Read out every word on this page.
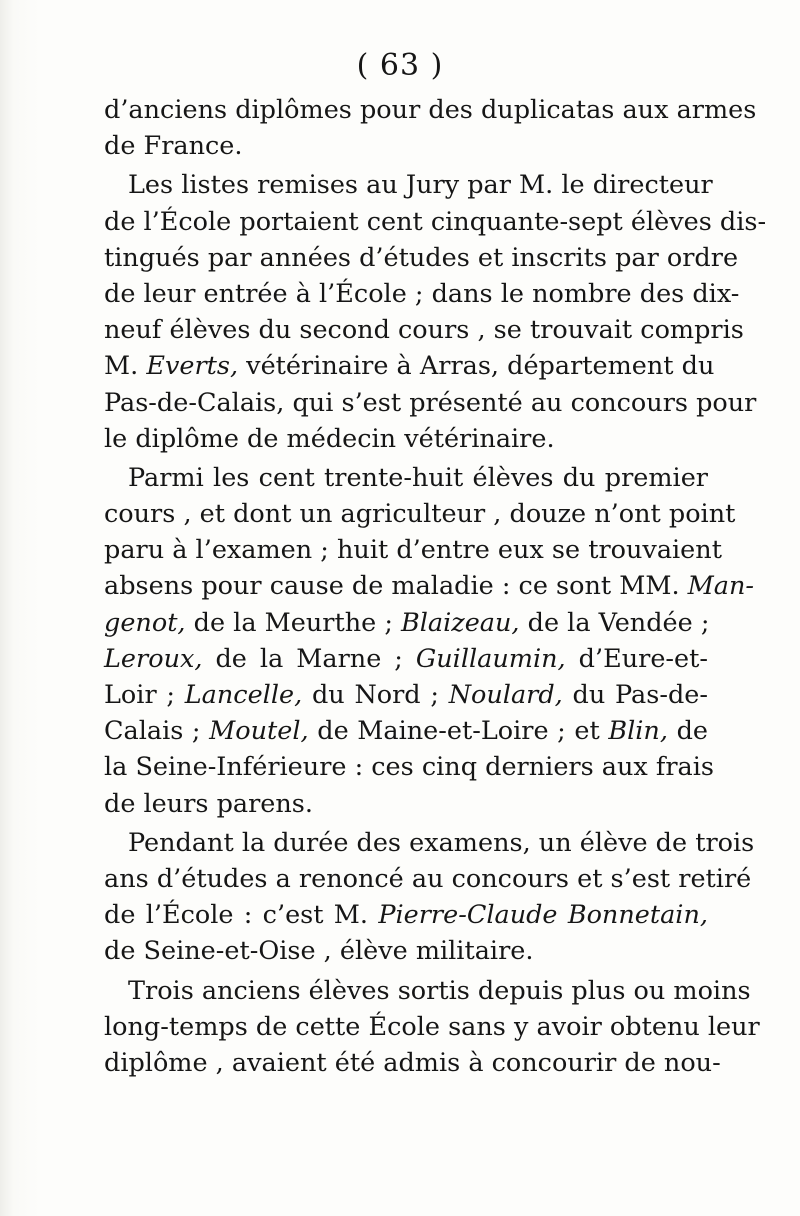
( 63 )
d’anciens diplômes pour des duplicatas aux armes
de France.
Les listes remises au Jury par M. le directeur
de l’École portaient cent cinquante-sept élèves dis-
tingués par années d’études et inscrits par ordre
de leur entrée à l’École ; dans le nombre des dix-
neuf élèves du second cours , se trouvait compris
M. Everts, vétérinaire à Arras, département du
Pas-de-Calais, qui s’est présenté au concours pour
le diplôme de médecin vétérinaire.
Parmi les cent trente-huit élèves du premier
cours , et dont un agriculteur , douze n’ont point
paru à l’examen ; huit d’entre eux se trouvaient
absens pour cause de maladie : ce sont MM. Man-
genot, de la Meurthe ; Blaizeau, de la Vendée ;
Leroux, de la Marne ; Guillaumin, d’Eure-et-
Loir ; Lancelle, du Nord ; Noulard, du Pas-de-
Calais ; Moutel, de Maine-et-Loire ; et Blin, de
la Seine-Inférieure : ces cinq derniers aux frais
de leurs parens.
Pendant la durée des examens, un élève de trois
ans d’études a renoncé au concours et s’est retiré
de l’École : c’est M. Pierre-Claude Bonnetain,
de Seine-et-Oise , élève militaire.
Trois anciens élèves sortis depuis plus ou moins
long-temps de cette École sans y avoir obtenu leur
diplôme , avaient été admis à concourir de nou-
